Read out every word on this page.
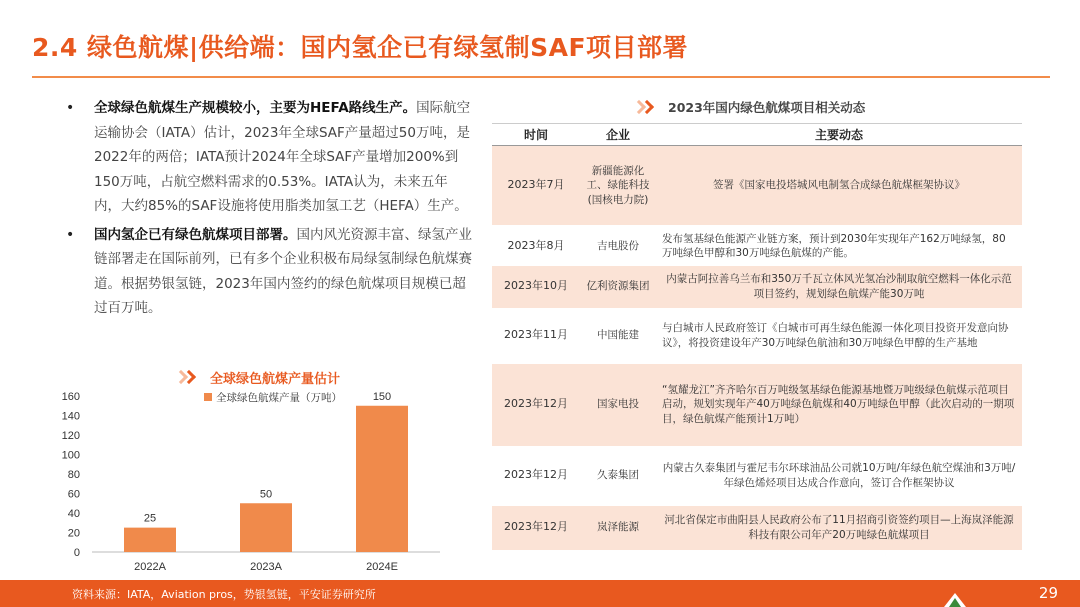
2.4 绿色航煤|供给端：国内氢企已有绿氢制SAF项目部署
• 全球绿色航煤生产规模较小，主要为HEFA路线生产。国际航空运输协会（IATA）估计，2023年全球SAF产量超过50万吨，是2022年的两倍；IATA预计2024年全球SAF产量增加200%到150万吨，占航空燃料需求的0.53%。IATA认为，未来五年内，大约85%的SAF设施将使用脂类加氢工艺（HEFA）生产。
• 国内氢企已有绿色航煤项目部署。国内风光资源丰富、绿氢产业链部署走在国际前列，已有多个企业积极布局绿氢制绿色航煤赛道。根据势银氢链，2023年国内签约的绿色航煤项目规模已超过百万吨。
全球绿色航煤产量估计
0
20
40
60
80
100
120
140
160
25
2022A
50
2023A
150
2024E
全球绿色航煤产量（万吨）
2023年国内绿色航煤项目相关动态
时间	企业	主要动态
2023年7月	新疆能源化工、绿能科技(国核电力院)	签署《国家电投塔城风电制氢合成绿色航煤框架协议》
2023年8月	吉电股份	发布氢基绿色能源产业链方案，预计到2030年实现年产162万吨绿氢，80万吨绿色甲醇和30万吨绿色航煤的产能。
2023年10月	亿利资源集团	内蒙古阿拉善乌兰布和350万千瓦立体风光氢冶沙制取航空燃料一体化示范项目签约，规划绿色航煤产能30万吨
2023年11月	中国能建	与白城市人民政府签订《白城市可再生绿色能源一体化项目投资开发意向协议》，将投资建设年产30万吨绿色航油和30万吨绿色甲醇的生产基地
2023年12月	国家电投	“氢耀龙江”齐齐哈尔百万吨级氢基绿色能源基地暨万吨级绿色航煤示范项目启动，规划实现年产40万吨绿色航煤和40万吨绿色甲醇（此次启动的一期项目，绿色航煤产能预计1万吨）
2023年12月	久泰集团	内蒙古久泰集团与霍尼韦尔环球油品公司就10万吨/年绿色航空煤油和3万吨/年绿色烯烃项目达成合作意向，签订合作框架协议
2023年12月	岚泽能源	河北省保定市曲阳县人民政府公布了11月招商引资签约项目—上海岚泽能源科技有限公司年产20万吨绿色航煤项目
资料来源：IATA，Aviation pros，势银氢链，平安证券研究所	29
